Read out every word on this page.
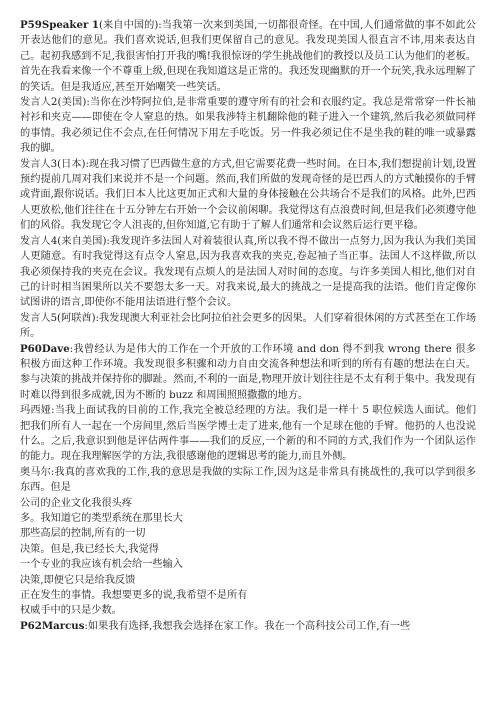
P59Speaker 1(来自中国的):当我第一次来到美国,一切都很奇怪。在中国,人们通常做的事不如此公开表达他们的意见。我们喜欢说话,但我们更保留自己的意见。我发现美国人很直言不讳,用来表达自己。起初我感到不足,我很害怕打开我的嘴!我很惊讶的学生挑战他们的教授以及员工认为他们的老板。首先在我看来像一个不尊重上级,但现在我知道这是正常的。我还发现幽默的开一个玩笑,我永远理解了的笑话。但是我适应,甚至开始嘲笑一些笑话。

发言人2(美国):当你在沙特阿拉伯,是非常重要的遵守所有的社会和衣服约定。我总是常常穿一件长袖衬衫和夹克——即使在令人窒息的热。如果我涉特主机翻除他的鞋子进入一个建筑,然后我必须做同样的事情。我必须记住不会点,在任何情况下用左手吃饭。另一件我必须记住不是坐我的鞋的唯一或暴露我的脚。

发言人3(日本):现在我习惯了巴西做生意的方式,但它需要花费一些时间。在日本,我们想提前计划,设置预约提前几周对我们来说并不是一个问题。然而,我们所做的发现奇怪的是巴西人的方式触摸你的手臂或背面,跟你说话。我们日本人比这更加正式和大量的身体接触在公共场合不是我们的风格。此外,巴西人更放松,他们往往在十五分钟左右开始一个会议前闲聊。我觉得这有点浪费时间,但是我们必须遵守他们的风俗。我发现它令人沮丧的,但你知道,它有助于了解人们通常和会议然后运行更平稳。

发言人4(来自美国):我发现许多法国人对着装很认真,所以我不得不做出一点努力,因为我认为我们美国人更随意。有时我觉得这有点令人窒息,因为我喜欢我的夹克,卷起袖子当正事。法国人不这样做,所以我必须保持我的夹克在会议。我发现有点烦人的是法国人对时间的态度。与许多美国人相比,他们对自己的计时相当困果所以关不要怨太多一天。对我来说,最大的挑战之一是提高我的法语。他们肯定像你试图讲的语言,即使你不能用法语进行整个会议。

发言人5(阿联酋):我发现澳大利亚社会比阿拉伯社会更多的因果。人们穿着很休闲的方式甚至在工作场所。

P60Dave:我曾经认为是伟大的工作在一个开放的工作环境 and don 得不到我 wrong there 很多积极方面这种工作环境。我发现很多积骤和动力自由交流各种想法和听到的所有有趣的想法在白天。参与决策的挑战并保持你的脚趾。然而,不利的一面是,物理开放计划往往是不太有利于集中。我发现有时难以得到很多成就,因为不断的 buzz 和周围照照撒撒的地方。

玛西娅:当我上面试我的目前的工作,我完全被总经理的方法。我们是一样十 5 职位候选人面试。他们把我们所有人一起在一个房间里,然后当医学博士走了进来,他有一个足球在他的手臂。他扔的人也没说什么。之后,我意识到他是评估两件事——我们的反应,一个新的和不同的方式,我们作为一个团队运作的能力。现在我理解医学的方法,我很感谢他的逻辑思考的能力,而且外侧。

奥马尔:我真的喜欢我的工作,我的意思是我做的实际工作,因为这是非常具有挑战性的,我可以学到很多东西。但是

公司的企业文化我很头疼

多。我知道它的类型系统在那里长大

那些高层的控制,所有的一切

决策。但是,我已经长大,我觉得

一个专业的我应该有机会给一些输入

决策,即便它只是给我反馈

正在发生的事情。我想要更多的说,我希望不是所有

权威手中的只是少数。

P62Marcus:如果我有选择,我想我会选择在家工作。我在一个高科技公司工作,有一些
